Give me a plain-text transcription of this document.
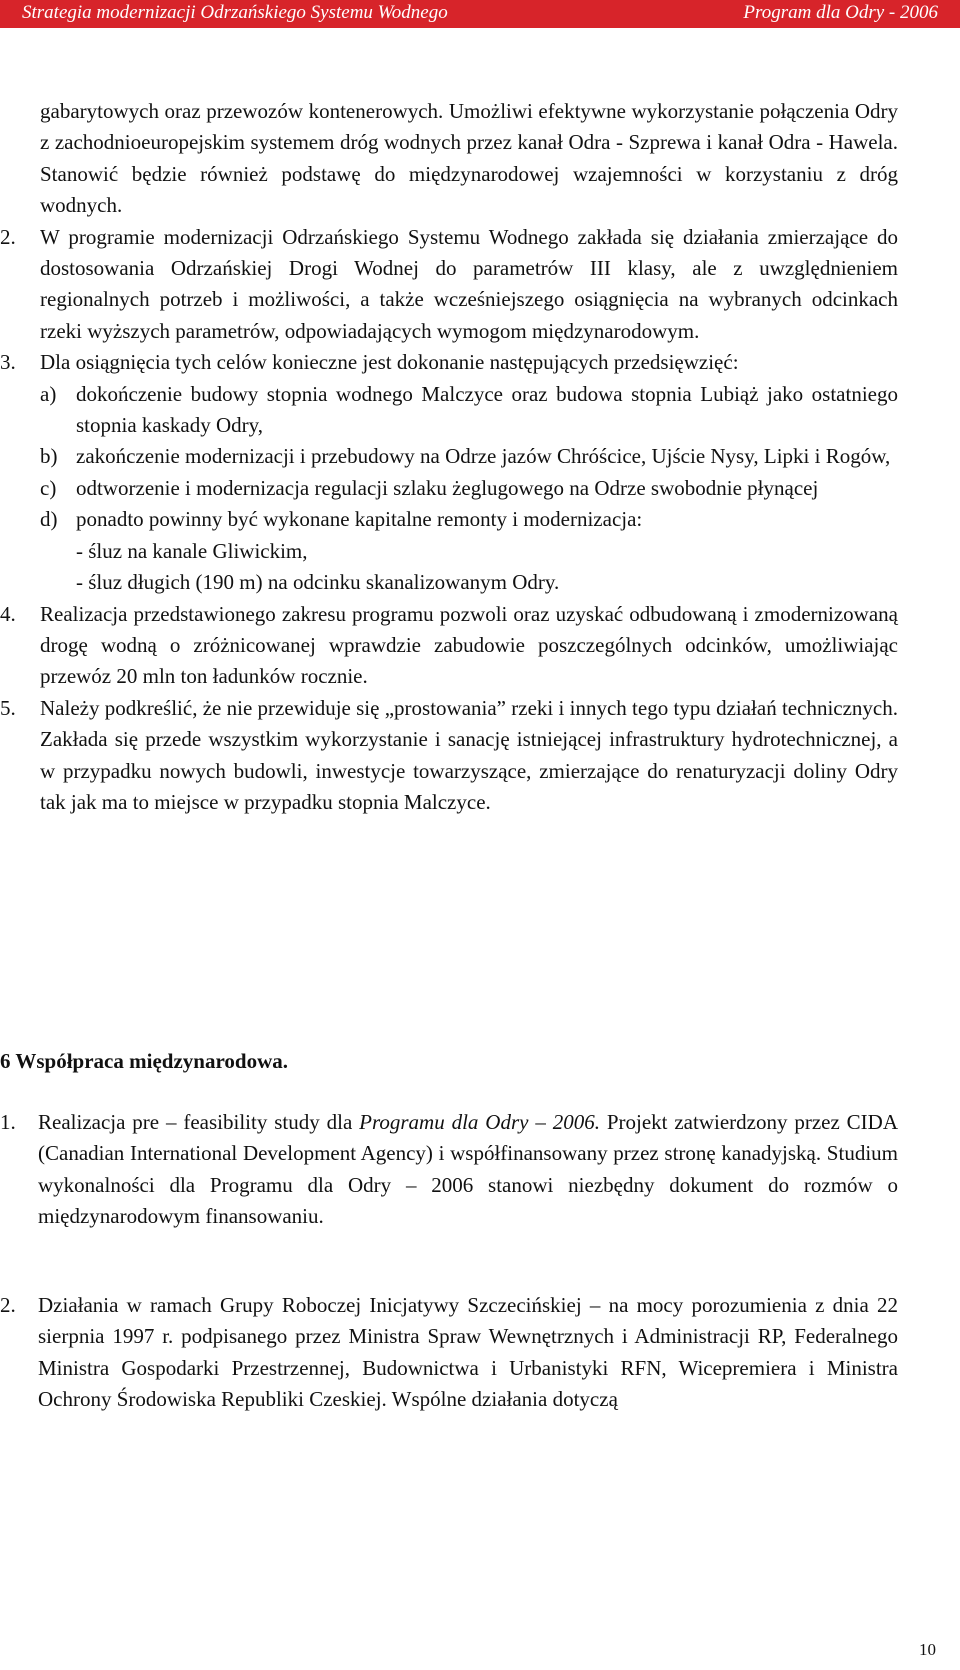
Strategia modernizacji Odrzańskiego Systemu Wodnego	Program dla Odry - 2006

gabarytowych oraz przewozów kontenerowych. Umożliwi efektywne wykorzystanie połączenia Odry z zachodnioeuropejskim systemem dróg wodnych przez kanał Odra - Szprewa i kanał Odra - Hawela. Stanowić będzie również podstawę do międzynarodowej wzajemności w korzystaniu z dróg wodnych.

2. W programie modernizacji Odrzańskiego Systemu Wodnego zakłada się działania zmierzające do dostosowania Odrzańskiej Drogi Wodnej do parametrów III klasy, ale z uwzględnieniem regionalnych potrzeb i możliwości, a także wcześniejszego osiągnięcia na wybranych odcinkach rzeki wyższych parametrów, odpowiadających wymogom międzynarodowym.
3. Dla osiągnięcia tych celów konieczne jest dokonanie następujących przedsięwzięć:
a) dokończenie budowy stopnia wodnego Malczyce oraz budowa stopnia Lubiąż jako ostatniego stopnia kaskady Odry,
b) zakończenie modernizacji i przebudowy na Odrze jazów Chróścice, Ujście Nysy, Lipki i Rogów,
c) odtworzenie i modernizacja regulacji szlaku żeglugowego na Odrze swobodnie płynącej
d) ponadto powinny być wykonane kapitalne remonty i modernizacja:
- śluz na kanale Gliwickim,
- śluz długich (190 m) na odcinku skanalizowanym Odry.
4. Realizacja przedstawionego zakresu programu pozwoli oraz uzyskać odbudowaną i zmodernizowaną drogę wodną o zróżnicowanej wprawdzie zabudowie poszczególnych odcinków, umożliwiając przewóz 20 mln ton ładunków rocznie.
5. Należy podkreślić, że nie przewiduje się „prostowania” rzeki i innych tego typu działań technicznych. Zakłada się przede wszystkim wykorzystanie i sanację istniejącej infrastruktury hydrotechnicznej, a w przypadku nowych budowli, inwestycje towarzyszące, zmierzające do renaturyzacji doliny Odry tak jak ma to miejsce w przypadku stopnia Malczyce.
6 Współpraca międzynarodowa.
1. Realizacja pre – feasibility study dla Programu dla Odry – 2006. Projekt zatwierdzony przez CIDA (Canadian International Development Agency) i współfinansowany przez stronę kanadyjską. Studium wykonalności dla Programu dla Odry – 2006 stanowi niezbędny dokument do rozmów o międzynarodowym finansowaniu.
2. Działania w ramach Grupy Roboczej Inicjatywy Szczecińskiej – na mocy porozumienia z dnia 22 sierpnia 1997 r. podpisanego przez Ministra Spraw Wewnętrznych i Administracji RP, Federalnego Ministra Gospodarki Przestrzennej, Budownictwa i Urbanistyki RFN, Wicepremiera i Ministra Ochrony Środowiska Republiki Czeskiej. Wspólne działania dotyczą
10
